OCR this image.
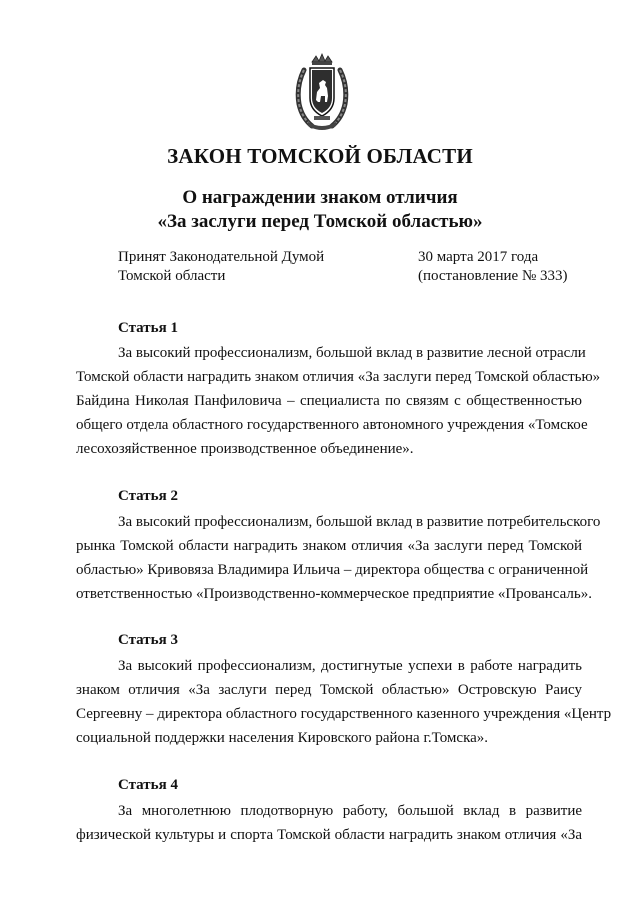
ЗАКОН ТОМСКОЙ ОБЛАСТИ
О награждении знаком отличия
«За заслуги перед Томской областью»
Принят Законодательной Думой
Томской области
30 марта 2017 года
(постановление № 333)
Статья 1
За высокий профессионализм, большой вклад в развитие лесной отрасли
Томской области наградить знаком отличия «За заслуги перед Томской областью»
Байдина Николая Панфиловича – специалиста по связям с общественностью
общего отдела областного государственного автономного учреждения «Томское
лесохозяйственное производственное объединение».
Статья 2
За высокий профессионализм, большой вклад в развитие потребительского
рынка Томской области наградить знаком отличия «За заслуги перед Томской
областью» Кривовяза Владимира Ильича – директора общества с ограниченной
ответственностью «Производственно-коммерческое предприятие «Провансаль».
Статья 3
За высокий профессионализм, достигнутые успехи в работе наградить
знаком отличия «За заслуги перед Томской областью» Островскую Раису
Сергеевну – директора областного государственного казенного учреждения «Центр
социальной поддержки населения Кировского района г.Томска».
Статья 4
За многолетнюю плодотворную работу, большой вклад в развитие
физической культуры и спорта Томской области наградить знаком отличия «За
